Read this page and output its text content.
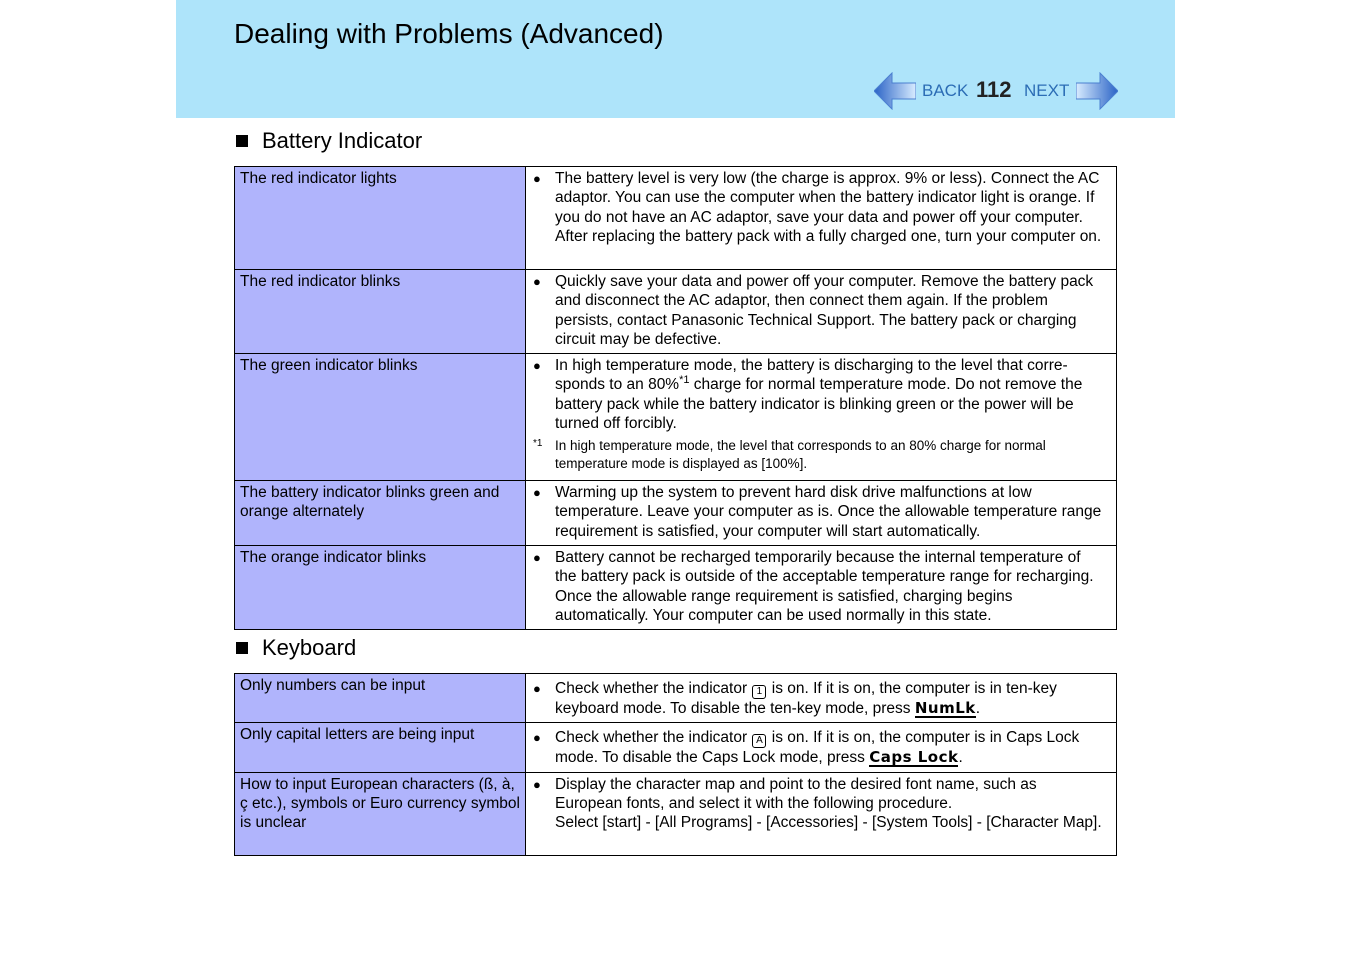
Dealing with Problems (Advanced)
BACK 112 NEXT
Battery Indicator
The red indicator lights	● The battery level is very low (the charge is approx. 9% or less). Connect the AC adaptor. You can use the computer when the battery indicator light is orange. If you do not have an AC adaptor, save your data and power off your computer. After replacing the battery pack with a fully charged one, turn your computer on.

The red indicator blinks	● Quickly save your data and power off your computer. Remove the battery pack and disconnect the AC adaptor, then connect them again. If the problem persists, contact Panasonic Technical Support. The battery pack or charging circuit may be defective.

The green indicator blinks	● In high temperature mode, the battery is discharging to the level that corre- sponds to an 80%$^{*1}$ charge for normal temperature mode. Do not remove the battery pack while the battery indicator is blinking green or the power will be turned off forcibly.
*1 In high temperature mode, the level that corresponds to an 80% charge for normal temperature mode is displayed as [100%].

The battery indicator blinks green and orange alternately	● Warming up the system to prevent hard disk drive malfunctions at low temperature. Leave your computer as is. Once the allowable temperature range requirement is satisfied, your computer will start automatically.

The orange indicator blinks	● Battery cannot be recharged temporarily because the internal temperature of the battery pack is outside of the acceptable temperature range for recharging. Once the allowable range requirement is satisfied, charging begins automatically. Your computer can be used normally in this state.
Keyboard
Only numbers can be input	● Check whether the indicator 1 is on. If it is on, the computer is in ten-key keyboard mode. To disable the ten-key mode, press NumLk.

Only capital letters are being input	● Check whether the indicator A is on. If it is on, the computer is in Caps Lock mode. To disable the Caps Lock mode, press Caps Lock.

How to input European characters (ß, à, ç etc.), symbols or Euro currency symbol is unclear	● Display the character map and point to the desired font name, such as European fonts, and select it with the following procedure.
Select [start] - [All Programs] - [Accessories] - [System Tools] - [Character Map].
